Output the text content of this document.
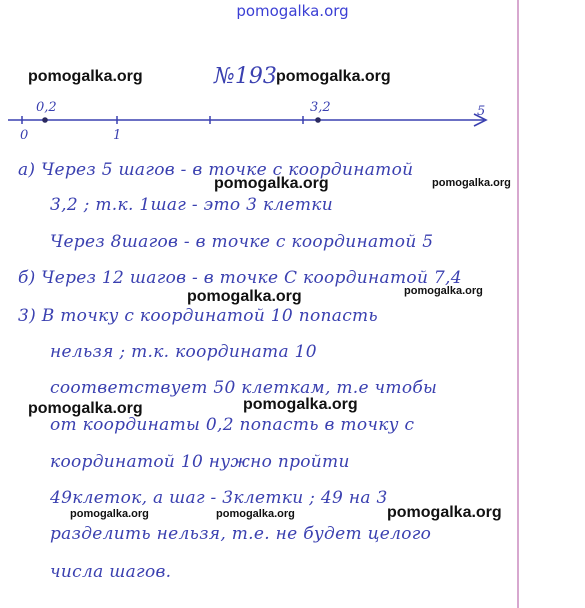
pomogalka.org
№193
0
0,2
1
3,2	5
а) Через 5 шагов - в точке с координатой
3,2 ; т.к. 1шаг - это 3 клетки
Через 8шагов - в точке с координатой 5
б) Через 12 шагов - в точке С координатой 7,4
3) В точку с координатой 10 попасть
нельзя ; т.к. координата 10
соответствует 50 клеткам, т.е чтобы
от координаты 0,2 попасть в точку с
координатой 10 нужно пройти
49клеток, а шаг - 3клетки ; 49 на 3
разделить нельзя, т.е. не будет целого
числа шагов.
pomogalka.org	pomogalka.org
pomogalka.org	pomogalka.org
pomogalka.org	pomogalka.org
pomogalka.org	pomogalka.org
pomogalka.org	pomogalka.org	pomogalka.org
